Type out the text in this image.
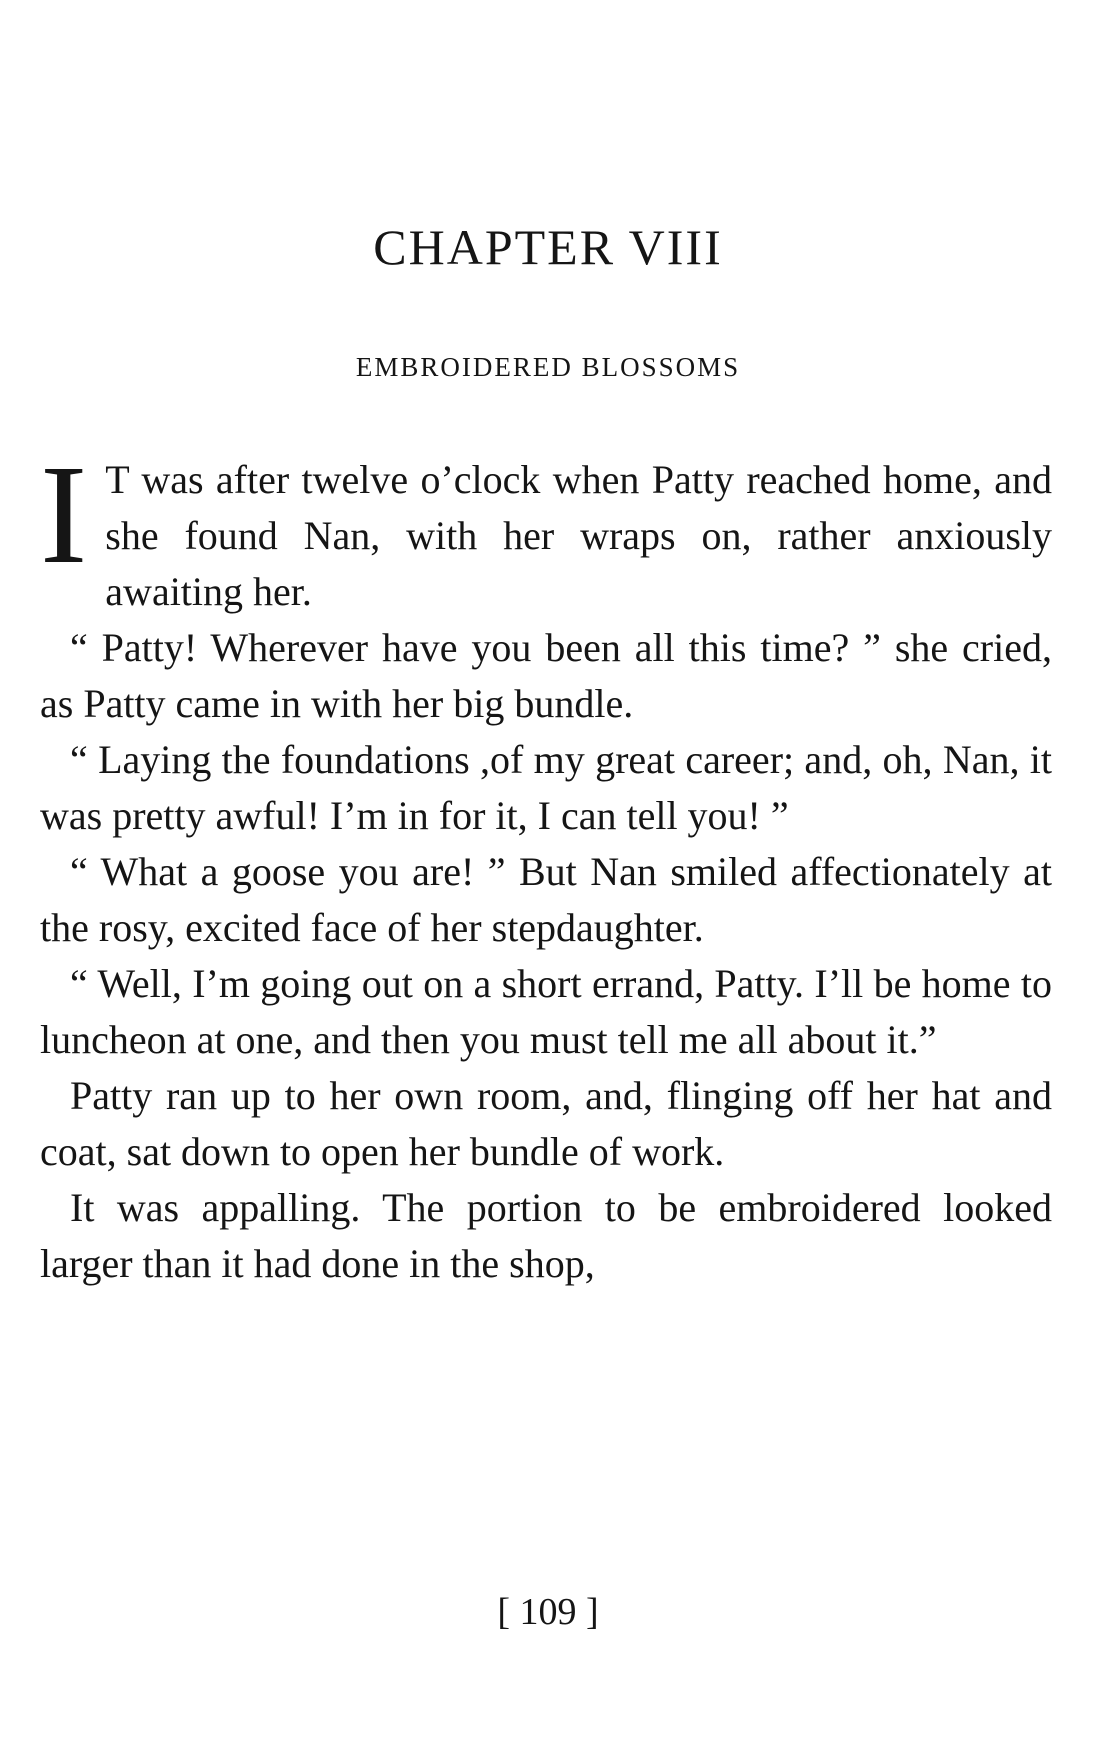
CHAPTER VIII
EMBROIDERED BLOSSOMS

I T was after twelve o’clock when Patty reached home, and she found Nan, with her wraps on, rather anxiously awaiting her.

“ Patty! Wherever have you been all this time? ” she cried, as Patty came in with her big bundle.

“ Laying the foundations ,of my great career; and, oh, Nan, it was pretty awful! I’m in for it, I can tell you! ”

“ What a goose you are! ” But Nan smiled affectionately at the rosy, excited face of her stepdaughter.

“ Well, I’m going out on a short errand, Patty. I’ll be home to luncheon at one, and then you must tell me all about it.”

Patty ran up to her own room, and, flinging off her hat and coat, sat down to open her bundle of work.

It was appalling. The portion to be embroidered looked larger than it had done in the shop,

[ 109 ]
